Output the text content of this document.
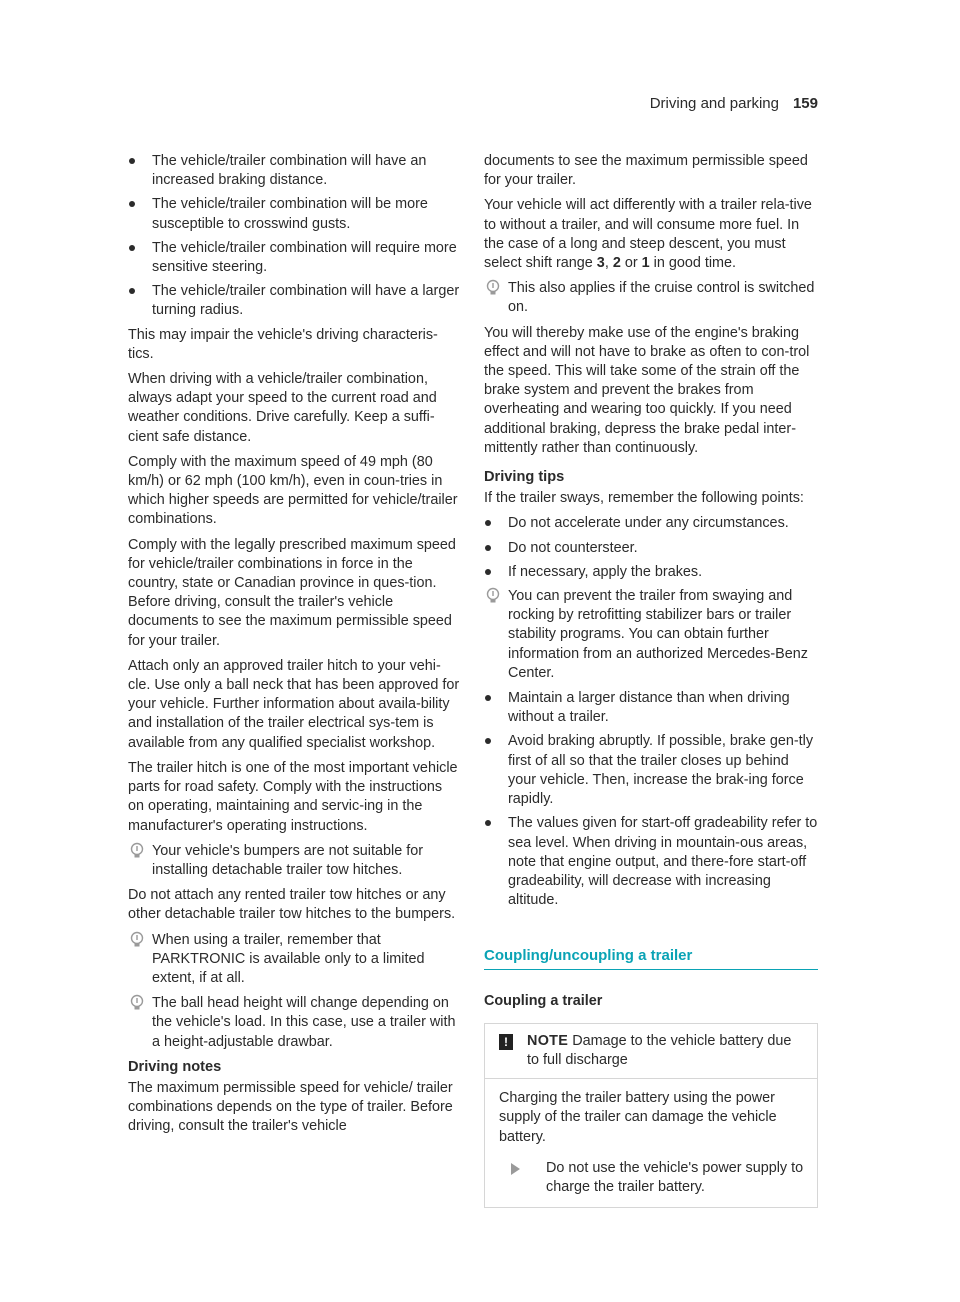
Driving and parking 159
The vehicle/trailer combination will have an increased braking distance.
The vehicle/trailer combination will be more susceptible to crosswind gusts.
The vehicle/trailer combination will require more sensitive steering.
The vehicle/trailer combination will have a larger turning radius.

This may impair the vehicle's driving characteris-tics.

When driving with a vehicle/trailer combination, always adapt your speed to the current road and weather conditions. Drive carefully. Keep a suffi-cient safe distance.

Comply with the maximum speed of 49 mph (80 km/h) or 62 mph (100 km/h), even in coun-tries in which higher speeds are permitted for vehicle/trailer combinations.

Comply with the legally prescribed maximum speed for vehicle/trailer combinations in force in the country, state or Canadian province in ques-tion. Before driving, consult the trailer's vehicle documents to see the maximum permissible speed for your trailer.

Attach only an approved trailer hitch to your vehi-cle. Use only a ball neck that has been approved for your vehicle. Further information about availa-bility and installation of the trailer electrical sys-tem is available from any qualified specialist workshop.

The trailer hitch is one of the most important vehicle parts for road safety. Comply with the instructions on operating, maintaining and servic-ing in the manufacturer's operating instructions.

Your vehicle's bumpers are not suitable for installing detachable trailer tow hitches.

Do not attach any rented trailer tow hitches or any other detachable trailer tow hitches to the bumpers.

When using a trailer, remember that PARKTRONIC is available only to a limited extent, if at all.
The ball head height will change depending on the vehicle's load. In this case, use a trailer with a height-adjustable drawbar.
Driving notes

The maximum permissible speed for vehicle/ trailer combinations depends on the type of trailer. Before driving, consult the trailer's vehicle

documents to see the maximum permissible speed for your trailer.

Your vehicle will act differently with a trailer rela-tive to without a trailer, and will consume more fuel. In the case of a long and steep descent, you must select shift range 3, 2 or 1 in good time.

This also applies if the cruise control is switched on.

You will thereby make use of the engine's braking effect and will not have to brake as often to con-trol the speed. This will take some of the strain off the brake system and prevent the brakes from overheating and wearing too quickly. If you need additional braking, depress the brake pedal inter-mittently rather than continuously.

Driving tips

If the trailer sways, remember the following points:

Do not accelerate under any circumstances.
Do not countersteer.
If necessary, apply the brakes.
You can prevent the trailer from swaying and rocking by retrofitting stabilizer bars or trailer stability programs. You can obtain further information from an authorized Mercedes-Benz Center.
Maintain a larger distance than when driving without a trailer.
Avoid braking abruptly. If possible, brake gen-tly first of all so that the trailer closes up behind your vehicle. Then, increase the brak-ing force rapidly.
The values given for start-off gradeability refer to sea level. When driving in mountain-ous areas, note that engine output, and there-fore start-off gradeability, will decrease with increasing altitude.
Coupling/uncoupling a trailer
Coupling a trailer
!	NOTE Damage to the vehicle battery due to full discharge
Charging the trailer battery using the power supply of the trailer can damage the vehicle battery.
Do not use the vehicle's power supply to charge the trailer battery.
